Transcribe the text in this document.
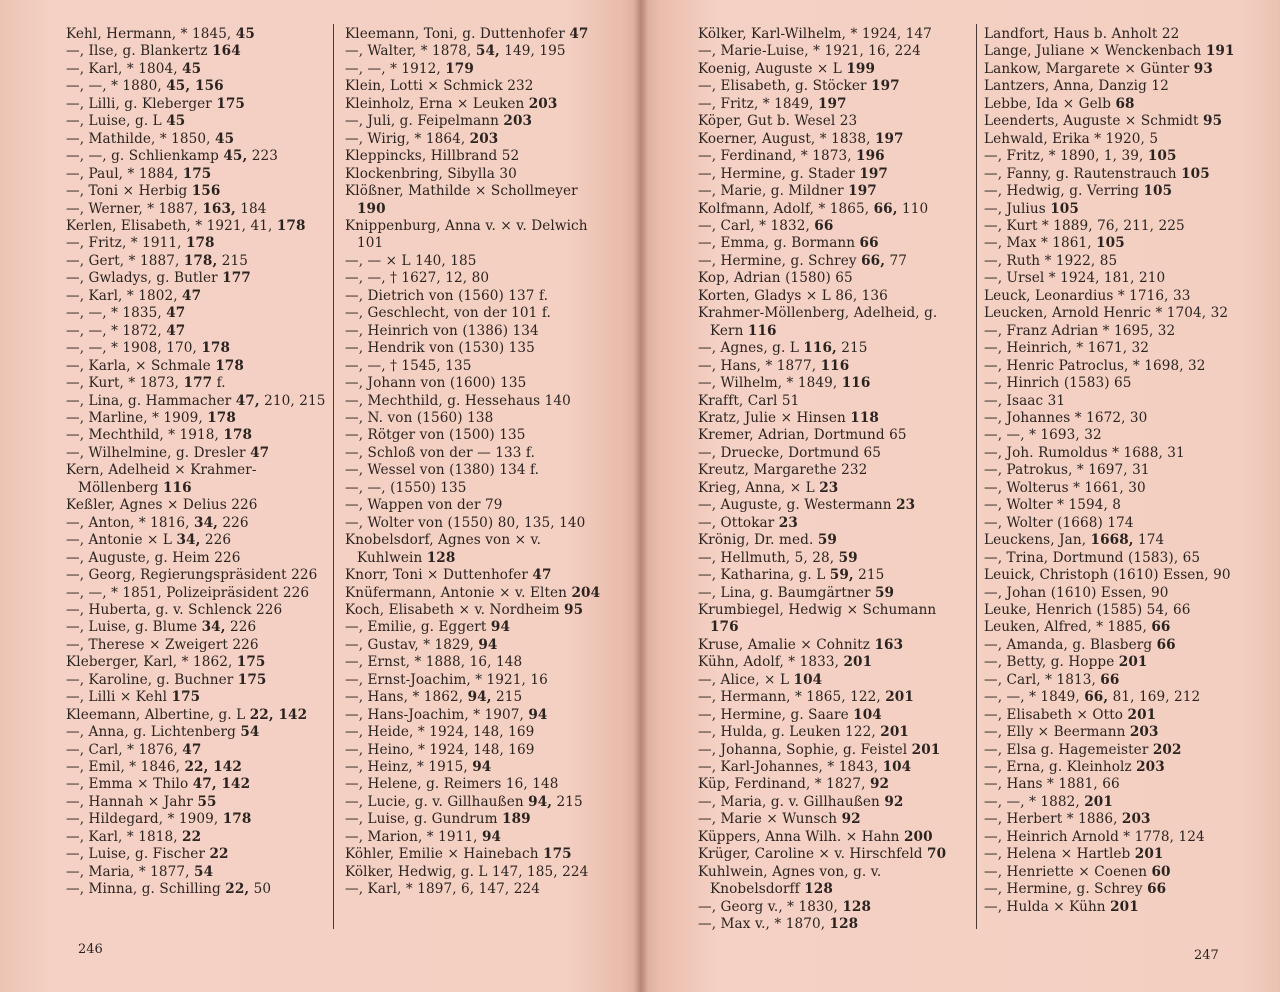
Kehl, Hermann, * 1845, 45
—, Ilse, g. Blankertz 164
—, Karl, * 1804, 45
—, —, * 1880, 45, 156
—, Lilli, g. Kleberger 175
—, Luise, g. L 45
—, Mathilde, * 1850, 45
—, —, g. Schlienkamp 45, 223
—, Paul, * 1884, 175
—, Toni × Herbig 156
—, Werner, * 1887, 163, 184
Kerlen, Elisabeth, * 1921, 41, 178
—, Fritz, * 1911, 178
—, Gert, * 1887, 178, 215
—, Gwladys, g. Butler 177
—, Karl, * 1802, 47
—, —, * 1835, 47
—, —, * 1872, 47
—, —, * 1908, 170, 178
—, Karla, × Schmale 178
—, Kurt, * 1873, 177 f.
—, Lina, g. Hammacher 47, 210, 215
—, Marline, * 1909, 178
—, Mechthild, * 1918, 178
—, Wilhelmine, g. Dresler 47
Kern, Adelheid × Krahmer-Möllenberg 116
Keßler, Agnes × Delius 226
—, Anton, * 1816, 34, 226
—, Antonie × L 34, 226
—, Auguste, g. Heim 226
—, Georg, Regierungspräsident 226
—, —, * 1851, Polizeipräsident 226
—, Huberta, g. v. Schlenck 226
—, Luise, g. Blume 34, 226
—, Therese × Zweigert 226
Kleberger, Karl, * 1862, 175
—, Karoline, g. Buchner 175
—, Lilli × Kehl 175
Kleemann, Albertine, g. L 22, 142
—, Anna, g. Lichtenberg 54
—, Carl, * 1876, 47
—, Emil, * 1846, 22, 142
—, Emma × Thilo 47, 142
—, Hannah × Jahr 55
—, Hildegard, * 1909, 178
—, Karl, * 1818, 22
—, Luise, g. Fischer 22
—, Maria, * 1877, 54
—, Minna, g. Schilling 22, 50
Kleemann, Toni, g. Duttenhofer 47
—, Walter, * 1878, 54, 149, 195
—, —, * 1912, 179
Klein, Lotti × Schmick 232
Kleinholz, Erna × Leuken 203
—, Juli, g. Feipelmann 203
—, Wirig, * 1864, 203
Kleppincks, Hillbrand 52
Klockenbring, Sibylla 30
Klößner, Mathilde × Schollmeyer 190
Knippenburg, Anna v. × v. Delwich 101
—, — × L 140, 185
—, —, † 1627, 12, 80
—, Dietrich von (1560) 137 f.
—, Geschlecht, von der 101 f.
—, Heinrich von (1386) 134
—, Hendrik von (1530) 135
—, —, † 1545, 135
—, Johann von (1600) 135
—, Mechthild, g. Hessehaus 140
—, N. von (1560) 138
—, Rötger von (1500) 135
—, Schloß von der — 133 f.
—, Wessel von (1380) 134 f.
—, —, (1550) 135
—, Wappen von der 79
—, Wolter von (1550) 80, 135, 140
Knobelsdorf, Agnes von × v. Kuhlwein 128
Knorr, Toni × Duttenhofer 47
Knüfermann, Antonie × v. Elten 204
Koch, Elisabeth × v. Nordheim 95
—, Emilie, g. Eggert 94
—, Gustav, * 1829, 94
—, Ernst, * 1888, 16, 148
—, Ernst-Joachim, * 1921, 16
—, Hans, * 1862, 94, 215
—, Hans-Joachim, * 1907, 94
—, Heide, * 1924, 148, 169
—, Heino, * 1924, 148, 169
—, Heinz, * 1915, 94
—, Helene, g. Reimers 16, 148
—, Lucie, g. v. Gillhaußen 94, 215
—, Luise, g. Gundrum 189
—, Marion, * 1911, 94
Köhler, Emilie × Hainebach 175
Kölker, Hedwig, g. L 147, 185, 224
—, Karl, * 1897, 6, 147, 224
246
Kölker, Karl-Wilhelm, * 1924, 147
—, Marie-Luise, * 1921, 16, 224
Koenig, Auguste × L 199
—, Elisabeth, g. Stöcker 197
—, Fritz, * 1849, 197
Köper, Gut b. Wesel 23
Koerner, August, * 1838, 197
—, Ferdinand, * 1873, 196
—, Hermine, g. Stader 197
—, Marie, g. Mildner 197
Kolfmann, Adolf, * 1865, 66, 110
—, Carl, * 1832, 66
—, Emma, g. Bormann 66
—, Hermine, g. Schrey 66, 77
Kop, Adrian (1580) 65
Korten, Gladys × L 86, 136
Krahmer-Möllenberg, Adelheid, g. Kern 116
—, Agnes, g. L 116, 215
—, Hans, * 1877, 116
—, Wilhelm, * 1849, 116
Krafft, Carl 51
Kratz, Julie × Hinsen 118
Kremer, Adrian, Dortmund 65
—, Druecke, Dortmund 65
Kreutz, Margarethe 232
Krieg, Anna, × L 23
—, Auguste, g. Westermann 23
—, Ottokar 23
Krönig, Dr. med. 59
—, Hellmuth, 5, 28, 59
—, Katharina, g. L 59, 215
—, Lina, g. Baumgärtner 59
Krumbiegel, Hedwig × Schumann 176
Kruse, Amalie × Cohnitz 163
Kühn, Adolf, * 1833, 201
—, Alice, × L 104
—, Hermann, * 1865, 122, 201
—, Hermine, g. Saare 104
—, Hulda, g. Leuken 122, 201
—, Johanna, Sophie, g. Feistel 201
—, Karl-Johannes, * 1843, 104
Küp, Ferdinand, * 1827, 92
—, Maria, g. v. Gillhaußen 92
—, Marie × Wunsch 92
Küppers, Anna Wilh. × Hahn 200
Krüger, Caroline × v. Hirschfeld 70
Kuhlwein, Agnes von, g. v. Knobelsdorff 128
—, Georg v., * 1830, 128
—, Max v., * 1870, 128
Landfort, Haus b. Anholt 22
Lange, Juliane × Wenckenbach 191
Lankow, Margarete × Günter 93
Lantzers, Anna, Danzig 12
Lebbe, Ida × Gelb 68
Leenderts, Auguste × Schmidt 95
Lehwald, Erika * 1920, 5
—, Fritz, * 1890, 1, 39, 105
—, Fanny, g. Rautenstrauch 105
—, Hedwig, g. Verring 105
—, Julius 105
—, Kurt * 1889, 76, 211, 225
—, Max * 1861, 105
—, Ruth * 1922, 85
—, Ursel * 1924, 181, 210
Leuck, Leonardius * 1716, 33
Leucken, Arnold Henric * 1704, 32
—, Franz Adrian * 1695, 32
—, Heinrich, * 1671, 32
—, Henric Patroclus, * 1698, 32
—, Hinrich (1583) 65
—, Isaac 31
—, Johannes * 1672, 30
—, —, * 1693, 32
—, Joh. Rumoldus * 1688, 31
—, Patrokus, * 1697, 31
—, Wolterus * 1661, 30
—, Wolter * 1594, 8
—, Wolter (1668) 174
Leuckens, Jan, 1668, 174
—, Trina, Dortmund (1583), 65
Leuick, Christoph (1610) Essen, 90
—, Johan (1610) Essen, 90
Leuke, Henrich (1585) 54, 66
Leuken, Alfred, * 1885, 66
—, Amanda, g. Blasberg 66
—, Betty, g. Hoppe 201
—, Carl, * 1813, 66
—, —, * 1849, 66, 81, 169, 212
—, Elisabeth × Otto 201
—, Elly × Beermann 203
—, Elsa g. Hagemeister 202
—, Erna, g. Kleinholz 203
—, Hans * 1881, 66
—, —, * 1882, 201
—, Herbert * 1886, 203
—, Heinrich Arnold * 1778, 124
—, Helena × Hartleb 201
—, Henriette × Coenen 60
—, Hermine, g. Schrey 66
—, Hulda × Kühn 201
247
